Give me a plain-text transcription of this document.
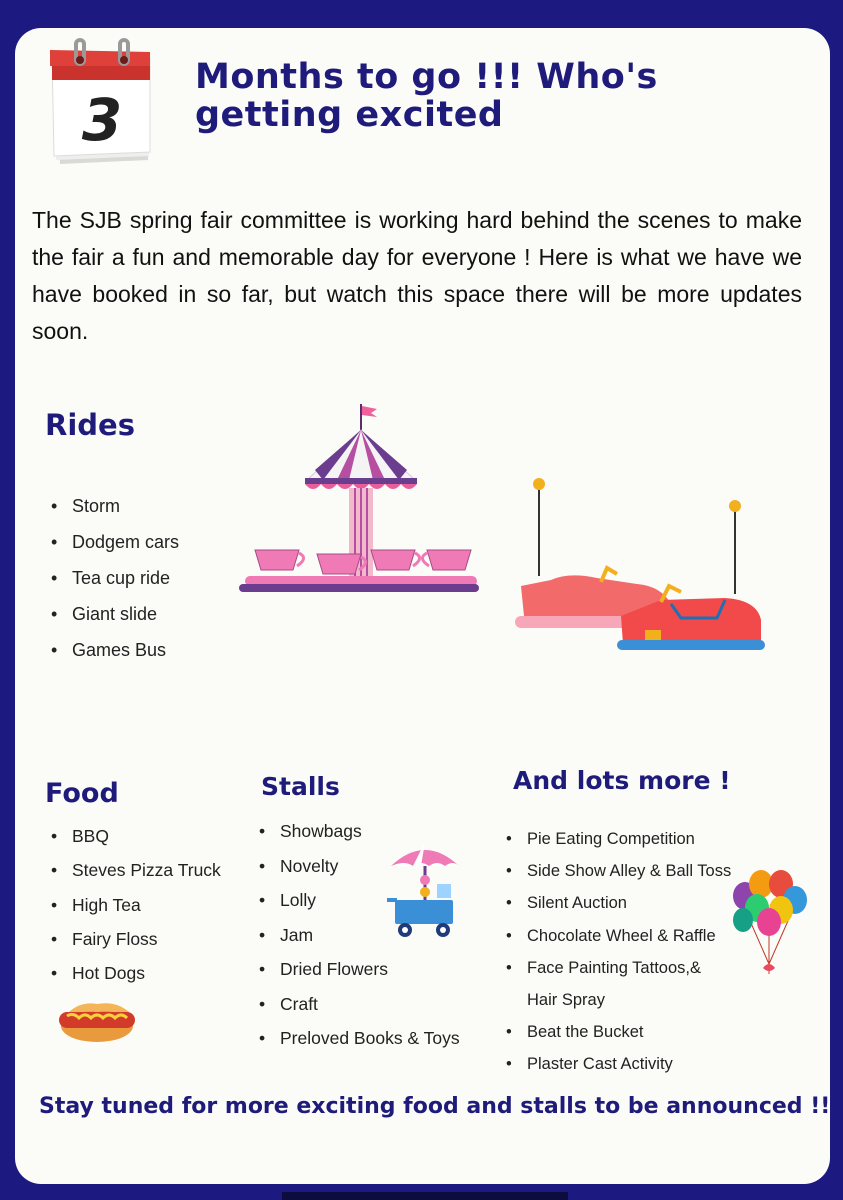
3
Months to go !!! Who's getting excited

The SJB spring fair committee is working hard behind the scenes to make the fair a fun and memorable day for everyone ! Here is what we have we have booked in so far, but watch this space there will be more updates soon.

Rides
• Storm
• Dodgem cars
• Tea cup ride
• Giant slide
• Games Bus
Food
• BBQ
• Steves Pizza Truck
• High Tea
• Fairy Floss
• Hot Dogs
Stalls
• Showbags
• Novelty
• Lolly
• Jam
• Dried Flowers
• Craft
• Preloved Books & Toys
And lots more !
• Pie Eating Competition
• Side Show Alley & Ball Toss
• Silent Auction
• Chocolate Wheel & Raffle
• Face Painting Tattoos,& Hair Spray
• Beat the Bucket
• Plaster Cast Activity

Stay tuned for more exciting food and stalls to be announced !!
